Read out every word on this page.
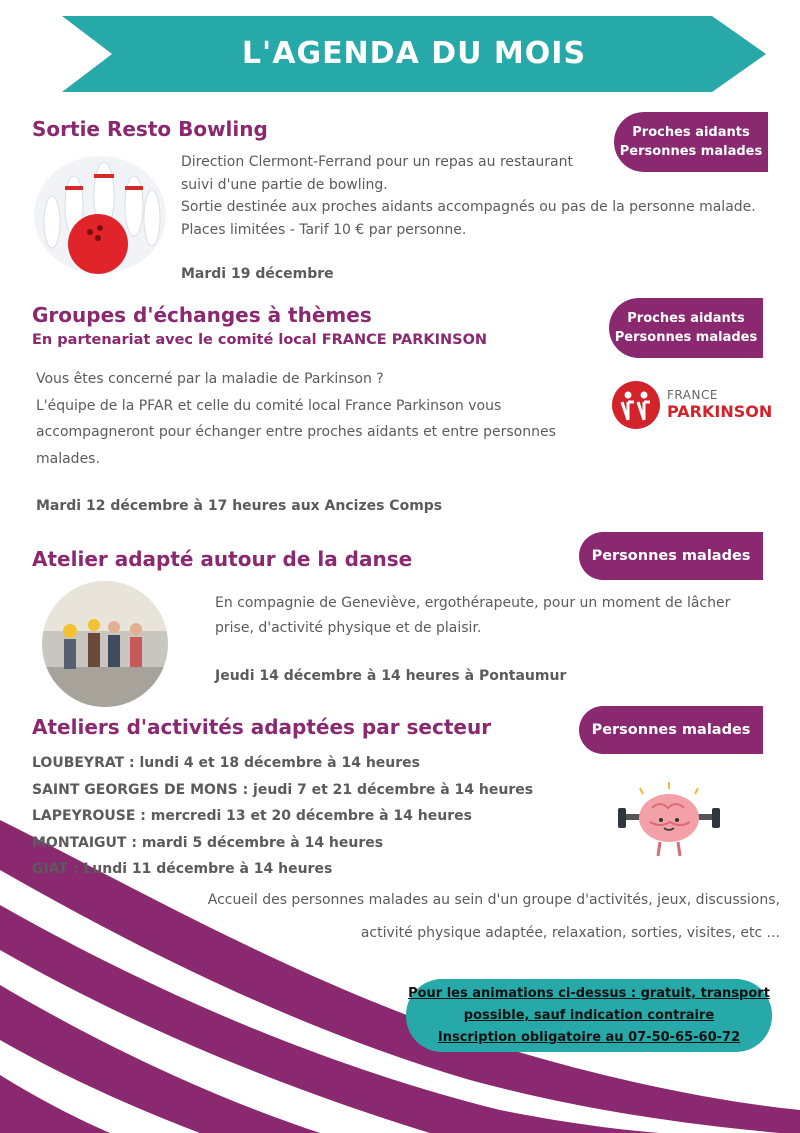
L'AGENDA DU MOIS
Sortie Resto Bowling	Proches aidants
Personnes malades
Direction Clermont-Ferrand pour un repas au restaurant
suivi d'une partie de bowling.
Sortie destinée aux proches aidants accompagnés ou pas de la personne malade.
Places limitées - Tarif 10 € par personne.
Mardi 19 décembre
Groupes d'échanges à thèmes
En partenariat avec le comité local FRANCE PARKINSON
Proches aidants
Personnes malades
Vous êtes concerné par la maladie de Parkinson ?
L'équipe de la PFAR et celle du comité local France Parkinson vous
accompagneront pour échanger entre proches aidants et entre personnes
malades.
FRANCE
PARKINSON
Mardi 12 décembre à 17 heures aux Ancizes Comps
Atelier adapté autour de la danse	Personnes malades
En compagnie de Geneviève, ergothérapeute, pour un moment de lâcher
prise, d'activité physique et de plaisir.
Jeudi 14 décembre à 14 heures à Pontaumur
Ateliers d'activités adaptées par secteur	Personnes malades
LOUBEYRAT : lundi 4 et 18 décembre à 14 heures
SAINT GEORGES DE MONS : jeudi 7 et 21 décembre à 14 heures
LAPEYROUSE : mercredi 13 et 20 décembre à 14 heures
MONTAIGUT : mardi 5 décembre à 14 heures
GIAT : Lundi 11 décembre à 14 heures
Accueil des personnes malades au sein d'un groupe d'activités, jeux, discussions,
activité physique adaptée, relaxation, sorties, visites, etc ...
Pour les animations ci-dessus : gratuit, transport
possible, sauf indication contraire
Inscription obligatoire au 07-50-65-60-72
